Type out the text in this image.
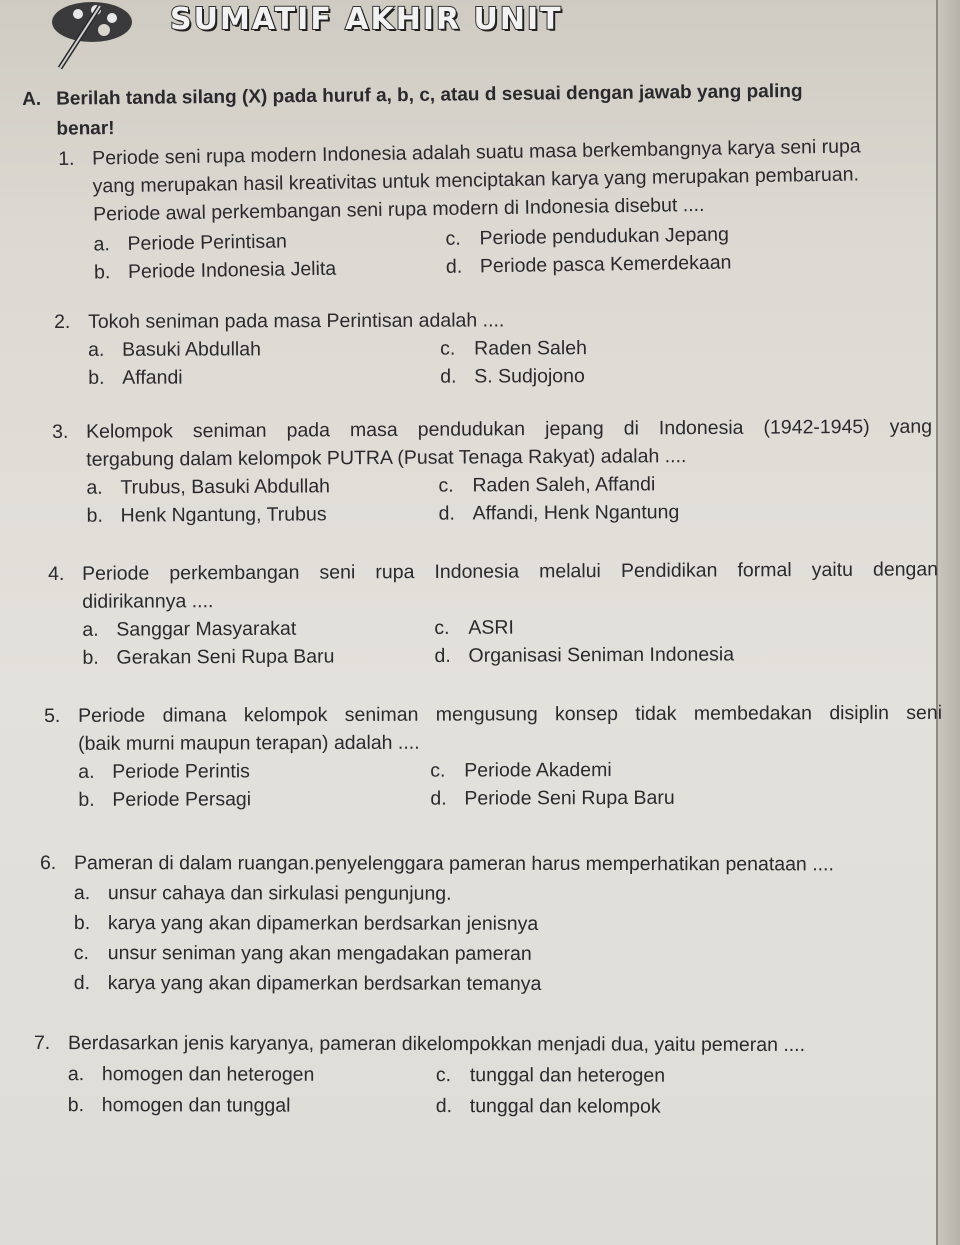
SUMATIF AKHIR UNIT
A. Berilah tanda silang (X) pada huruf a, b, c, atau d sesuai dengan jawab yang paling
benar!
1. Periode seni rupa modern Indonesia adalah suatu masa berkembangnya karya seni rupa
yang merupakan hasil kreativitas untuk menciptakan karya yang merupakan pembaruan.
Periode awal perkembangan seni rupa modern di Indonesia disebut ....
a. Periode Perintisan	c. Periode pendudukan Jepang
b. Periode Indonesia Jelita	d. Periode pasca Kemerdekaan
2. Tokoh seniman pada masa Perintisan adalah ....
a. Basuki Abdullah	c. Raden Saleh
b. Affandi	d. S. Sudjojono
3. Kelompok seniman pada masa pendudukan jepang di Indonesia (1942-1945) yang
tergabung dalam kelompok PUTRA (Pusat Tenaga Rakyat) adalah ....
a. Trubus, Basuki Abdullah	c. Raden Saleh, Affandi
b. Henk Ngantung, Trubus	d. Affandi, Henk Ngantung
4. Periode perkembangan seni rupa Indonesia melalui Pendidikan formal yaitu dengan
didirikannya ....
a. Sanggar Masyarakat	c. ASRI
b. Gerakan Seni Rupa Baru	d. Organisasi Seniman Indonesia
5. Periode dimana kelompok seniman mengusung konsep tidak membedakan disiplin seni
(baik murni maupun terapan) adalah ....
a. Periode Perintis	c. Periode Akademi
b. Periode Persagi	d. Periode Seni Rupa Baru
6. Pameran di dalam ruangan.penyelenggara pameran harus memperhatikan penataan ....
a. unsur cahaya dan sirkulasi pengunjung.
b. karya yang akan dipamerkan berdsarkan jenisnya
c. unsur seniman yang akan mengadakan pameran
d. karya yang akan dipamerkan berdsarkan temanya
7. Berdasarkan jenis karyanya, pameran dikelompokkan menjadi dua, yaitu pemeran ....
a. homogen dan heterogen	c. tunggal dan heterogen
b. homogen dan tunggal	d. tunggal dan kelompok
